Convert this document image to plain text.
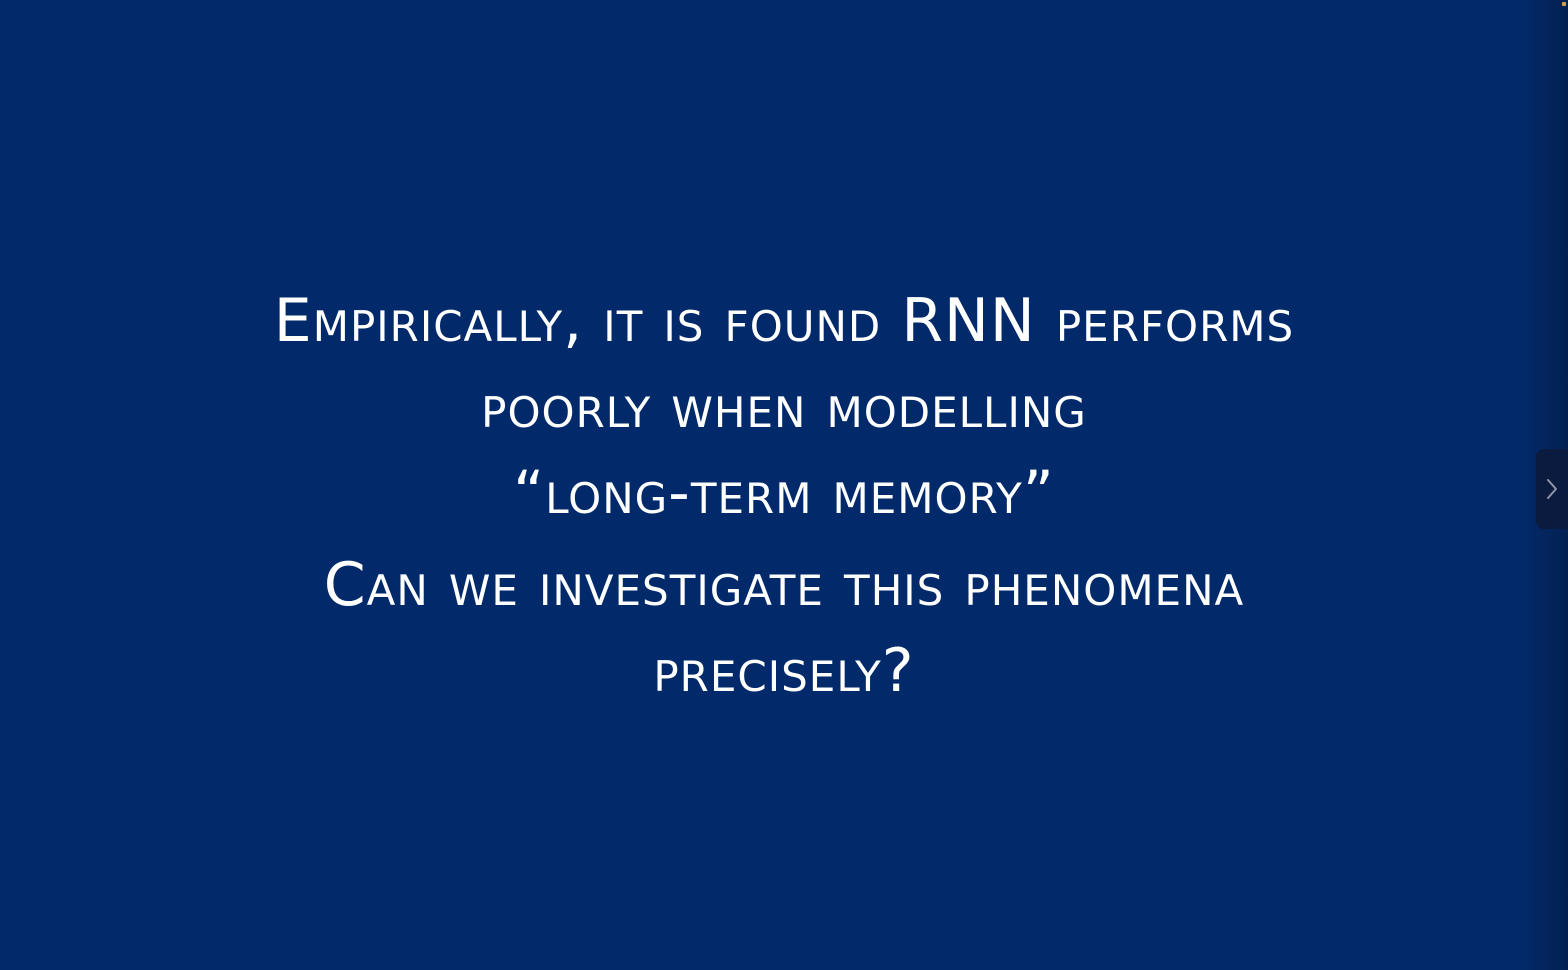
Empirically, it is found RNN performs
poorly when modelling
“long-term memory”

Can we investigate this phenomena
precisely?
